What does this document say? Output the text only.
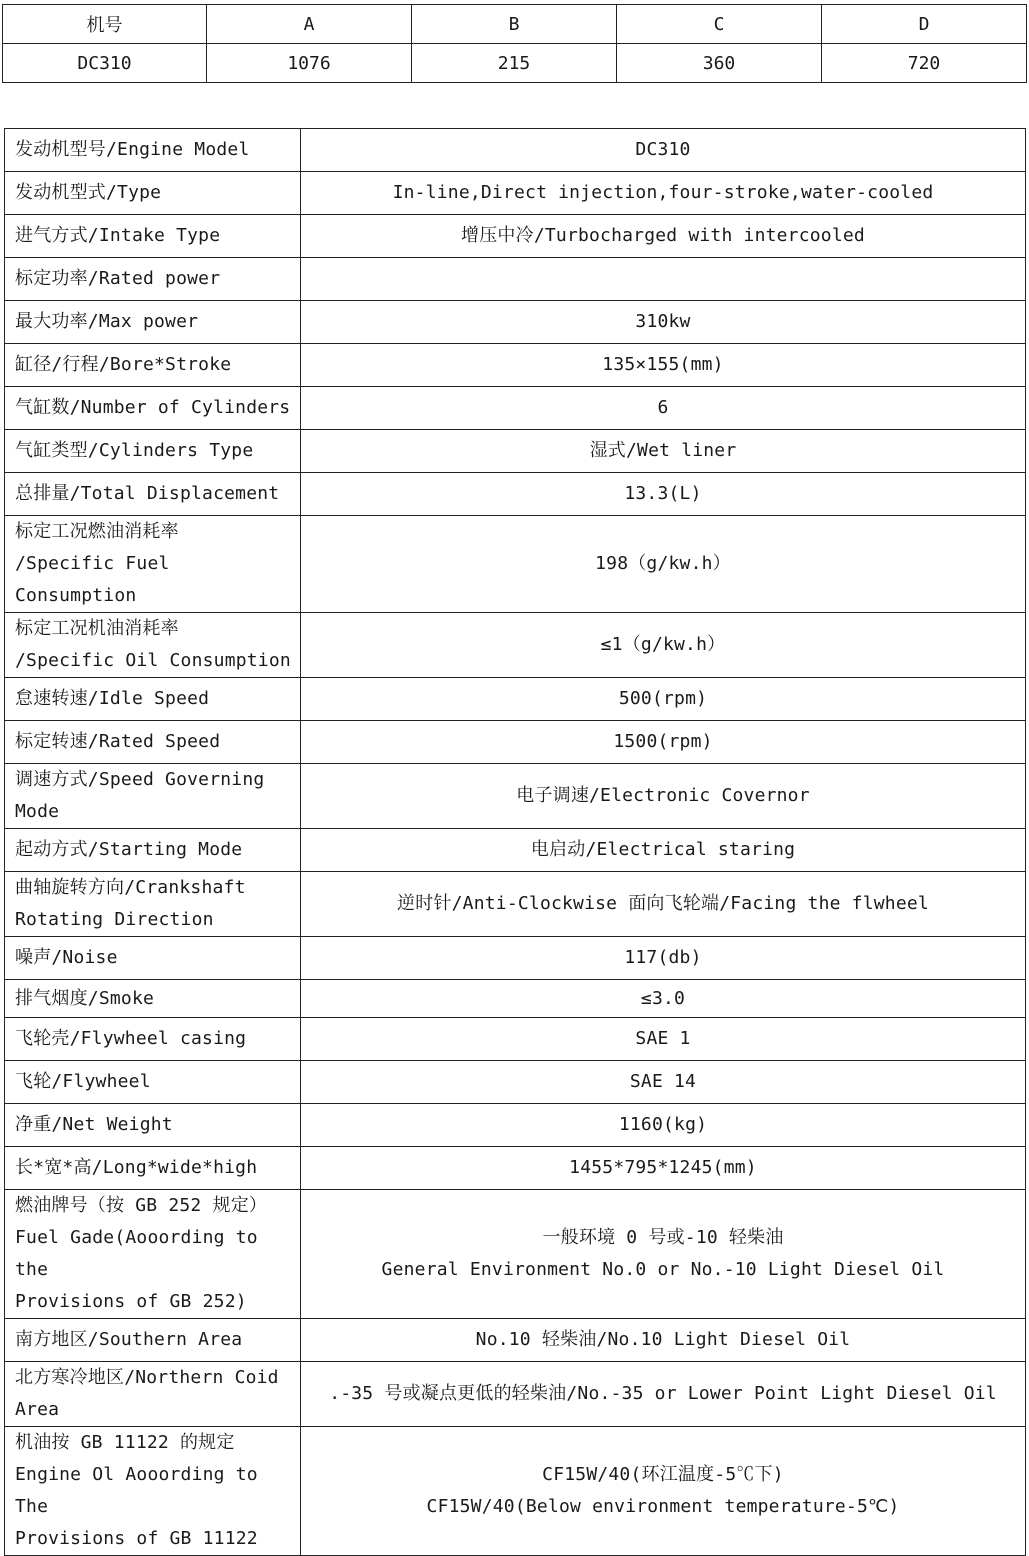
机号	A	B	C	D
DC310	1076	215	360	720
发动机型号/Engine Model	DC310
发动机型式/Type	In-line,Direct injection,four-stroke,water-cooled
进气方式/Intake Type	增压中冷/Turbocharged with intercooled
标定功率/Rated power	
最大功率/Max power	310kw
缸径/行程/Bore*Stroke	135×155(mm)
气缸数/Number of Cylinders	6
气缸类型/Cylinders Type	湿式/Wet liner
总排量/Total Displacement	13.3(L)
标定工况燃油消耗率
/Specific Fuel Consumption	198（g/kw.h）
标定工况机油消耗率
/Specific Oil Consumption	≤1（g/kw.h）
怠速转速/Idle Speed	500(rpm)
标定转速/Rated Speed	1500(rpm)
调速方式/Speed Governing
Mode	电子调速/Electronic Covernor
起动方式/Starting Mode	电启动/Electrical staring
曲轴旋转方向/Crankshaft
Rotating Direction	逆时针/Anti-Clockwise 面向飞轮端/Facing the flwheel
噪声/Noise	117(db)
排气烟度/Smoke	≤3.0
飞轮壳/Flywheel casing	SAE 1
飞轮/Flywheel	SAE 14
净重/Net Weight	1160(kg)
长*宽*高/Long*wide*high	1455*795*1245(mm)
燃油牌号（按 GB 252 规定）
Fuel Gade(Aooording to the
Provisions of GB 252)	一般环境 0 号或-10 轻柴油
General Environment No.0 or No.-10 Light Diesel Oil
南方地区/Southern Area	No.10 轻柴油/No.10 Light Diesel Oil
北方寒冷地区/Northern Coid
Area	.-35 号或凝点更低的轻柴油/No.-35 or Lower Point Light Diesel Oil
机油按 GB 11122 的规定
Engine Ol Aooording to The
Provisions of GB 11122	CF15W/40(环江温度-5℃下)
CF15W/40(Below environment temperature-5℃)
